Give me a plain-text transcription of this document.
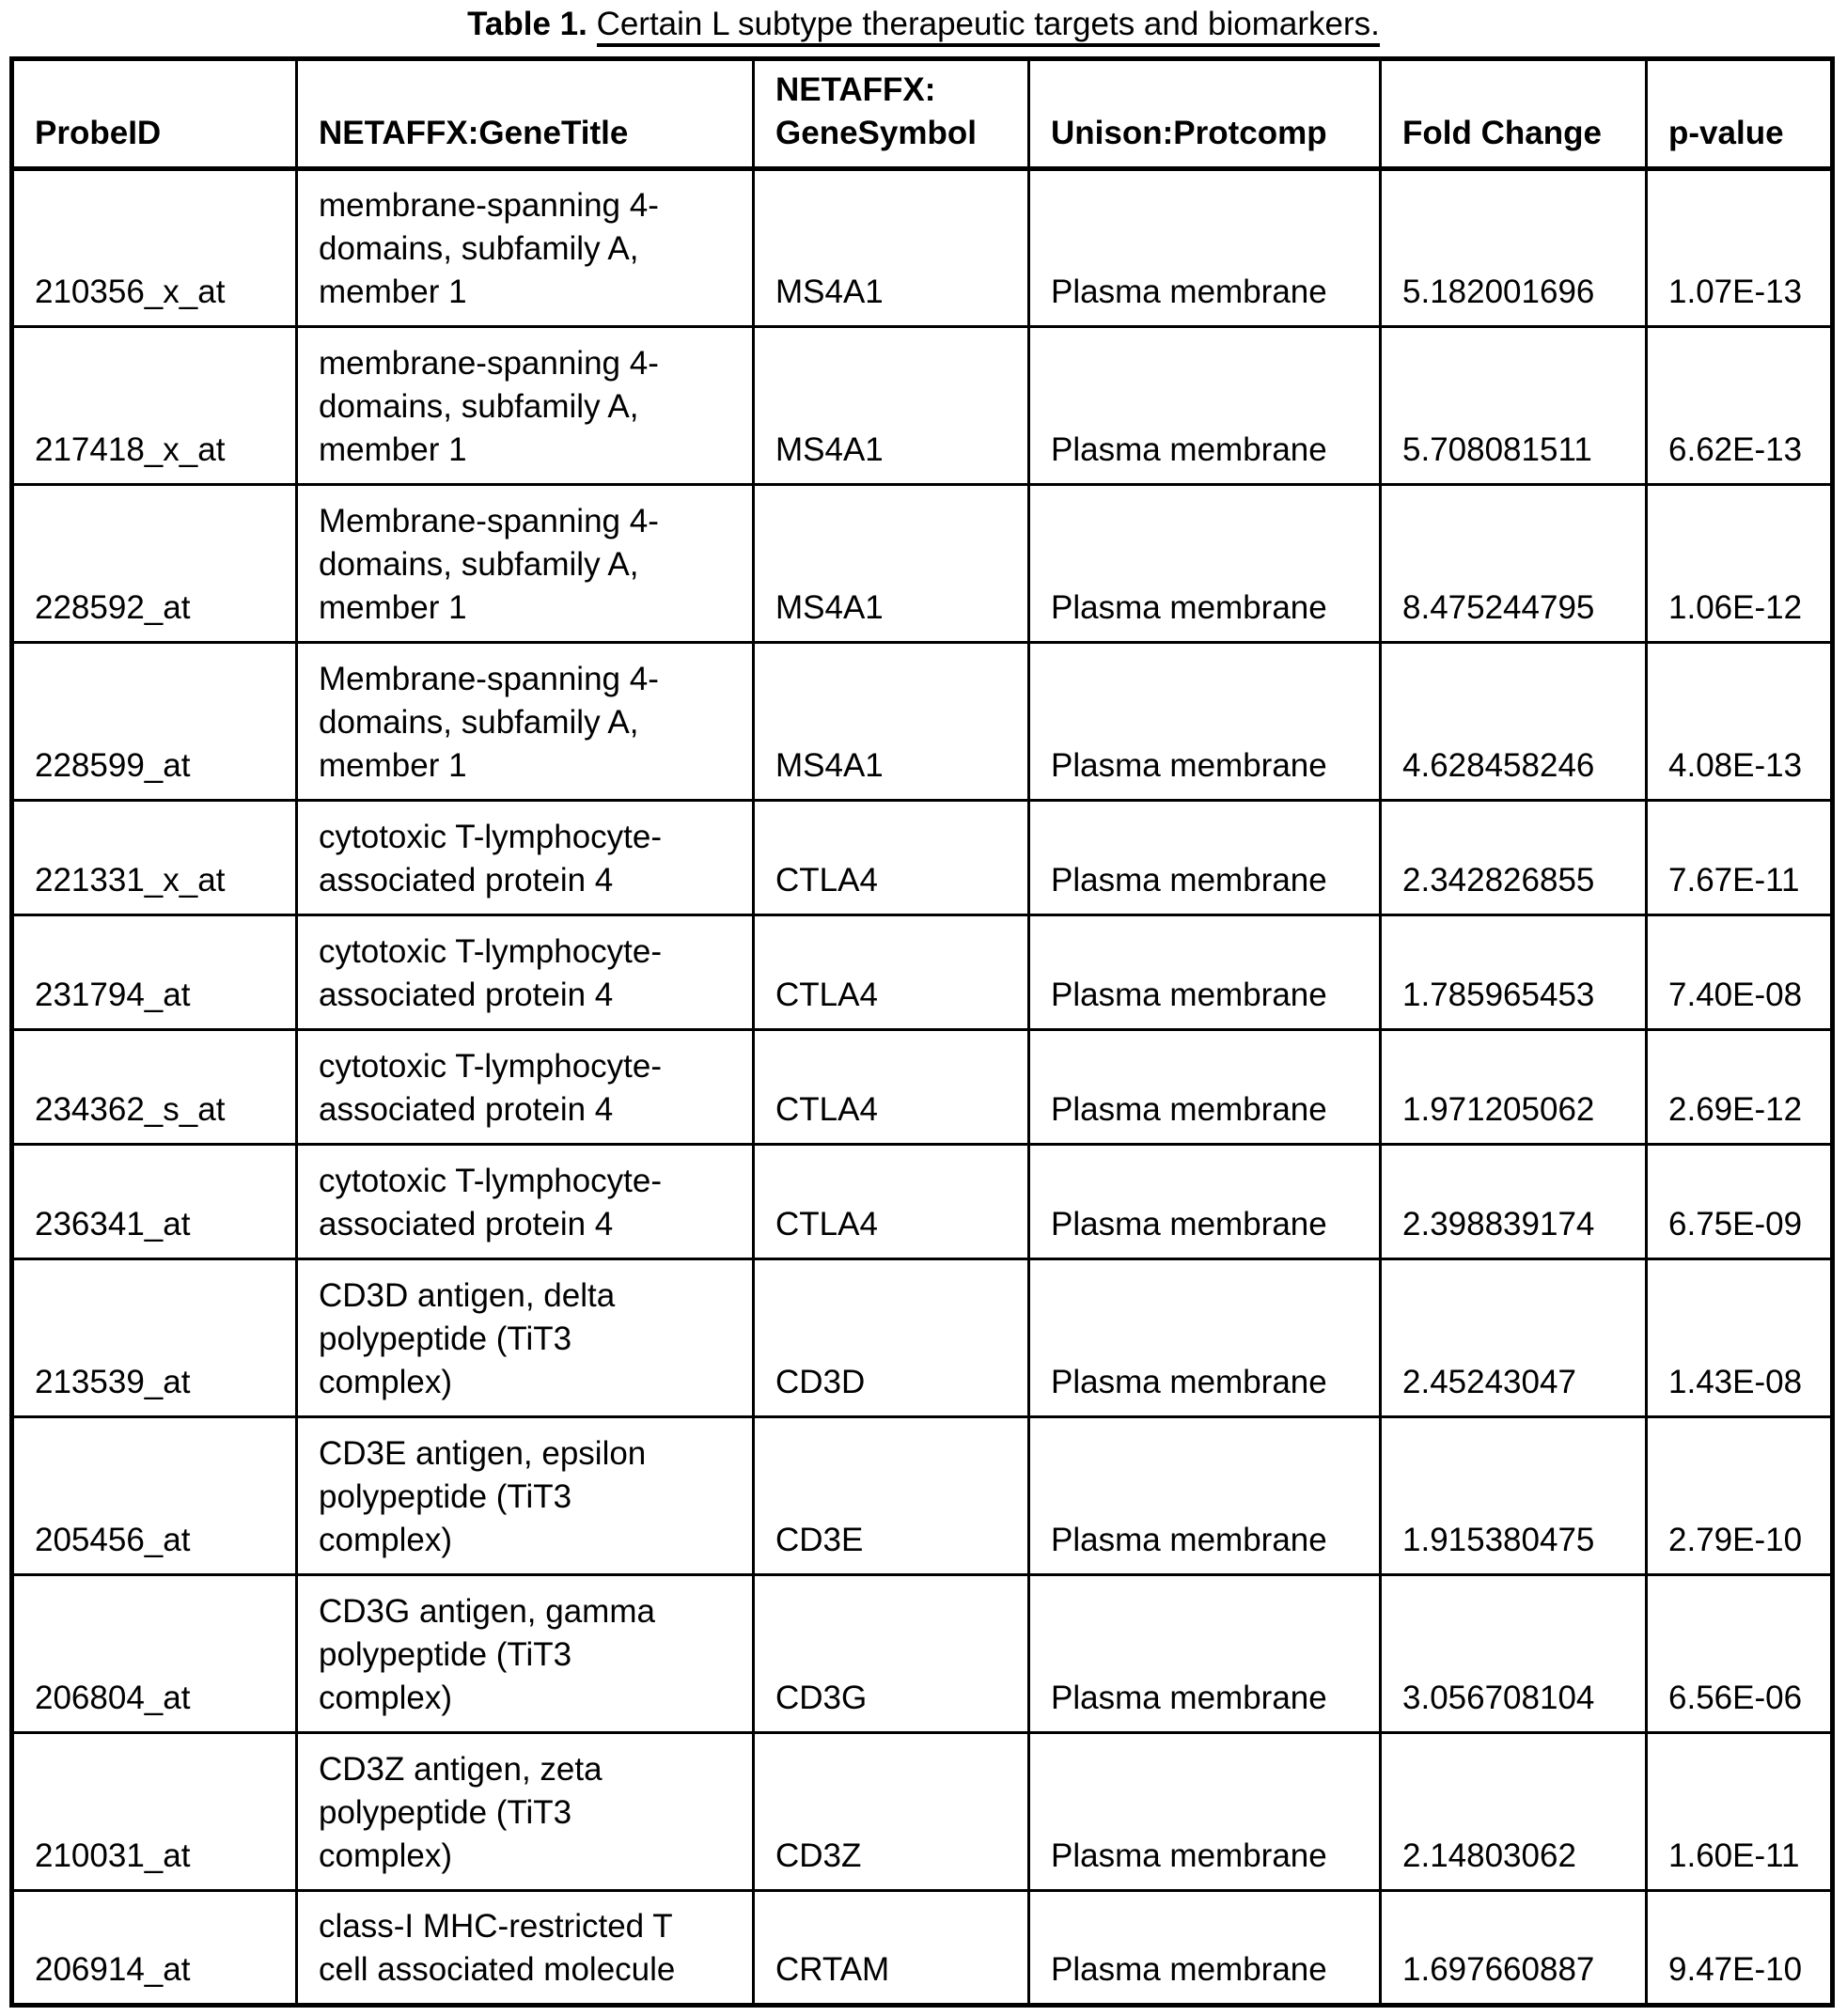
Table 1. Certain L subtype therapeutic targets and biomarkers.
ProbeID	NETAFFX:GeneTitle	NETAFFX:
GeneSymbol	Unison:Protcomp	Fold Change	p-value
210356_x_at	membrane-spanning 4-
domains, subfamily A,
member 1	MS4A1	Plasma membrane	5.182001696	1.07E-13
217418_x_at	membrane-spanning 4-
domains, subfamily A,
member 1	MS4A1	Plasma membrane	5.708081511	6.62E-13
228592_at	Membrane-spanning 4-
domains, subfamily A,
member 1	MS4A1	Plasma membrane	8.475244795	1.06E-12
228599_at	Membrane-spanning 4-
domains, subfamily A,
member 1	MS4A1	Plasma membrane	4.628458246	4.08E-13
221331_x_at	cytotoxic T-lymphocyte-
associated protein 4	CTLA4	Plasma membrane	2.342826855	7.67E-11
231794_at	cytotoxic T-lymphocyte-
associated protein 4	CTLA4	Plasma membrane	1.785965453	7.40E-08
234362_s_at	cytotoxic T-lymphocyte-
associated protein 4	CTLA4	Plasma membrane	1.971205062	2.69E-12
236341_at	cytotoxic T-lymphocyte-
associated protein 4	CTLA4	Plasma membrane	2.398839174	6.75E-09
213539_at	CD3D antigen, delta
polypeptide (TiT3
complex)	CD3D	Plasma membrane	2.45243047	1.43E-08
205456_at	CD3E antigen, epsilon
polypeptide (TiT3
complex)	CD3E	Plasma membrane	1.915380475	2.79E-10
206804_at	CD3G antigen, gamma
polypeptide (TiT3
complex)	CD3G	Plasma membrane	3.056708104	6.56E-06
210031_at	CD3Z antigen, zeta
polypeptide (TiT3
complex)	CD3Z	Plasma membrane	2.14803062	1.60E-11
206914_at	class-I MHC-restricted T
cell associated molecule	CRTAM	Plasma membrane	1.697660887	9.47E-10
